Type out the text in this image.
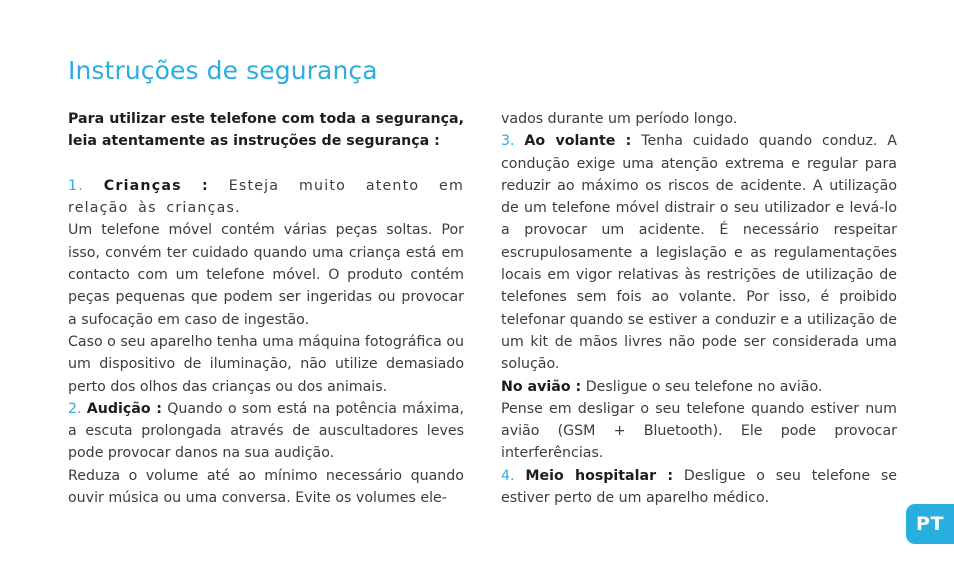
Instruções de segurança

Para utilizar este telefone com toda a segurança, leia atentamente as instruções de segurança :

1. Crianças : Esteja muito atento em relação às crianças.

Um telefone móvel contém várias peças soltas. Por isso, convém ter cuidado quando uma criança está em contacto com um telefone móvel. O produto contém peças pequenas que podem ser ingeridas ou provocar a sufocação em caso de ingestão.

Caso o seu aparelho tenha uma máquina fotográfica ou um dispositivo de iluminação, não utilize demasiado perto dos olhos das crianças ou dos animais.

2. Audição : Quando o som está na potência máxima, a escuta prolongada através de auscultadores leves pode provocar danos na sua audição.

Reduza o volume até ao mínimo necessário quando ouvir música ou uma conversa. Evite os volumes ele-

vados durante um período longo.

3. Ao volante : Tenha cuidado quando conduz. A condução exige uma atenção extrema e regular para reduzir ao máximo os riscos de acidente. A utilização de um telefone móvel distrair o seu utilizador e levá-lo a provocar um acidente. É necessário respeitar escrupulosamente a legislação e as regulamentações locais em vigor relativas às restrições de utilização de telefones sem fois ao volante. Por isso, é proibido telefonar quando se estiver a conduzir e a utilização de um kit de mãos livres não pode ser considerada uma solução.

No avião : Desligue o seu telefone no avião.

Pense em desligar o seu telefone quando estiver num avião (GSM + Bluetooth). Ele pode provocar interferências.

4. Meio hospitalar : Desligue o seu telefone se estiver perto de um aparelho médico.

PT
